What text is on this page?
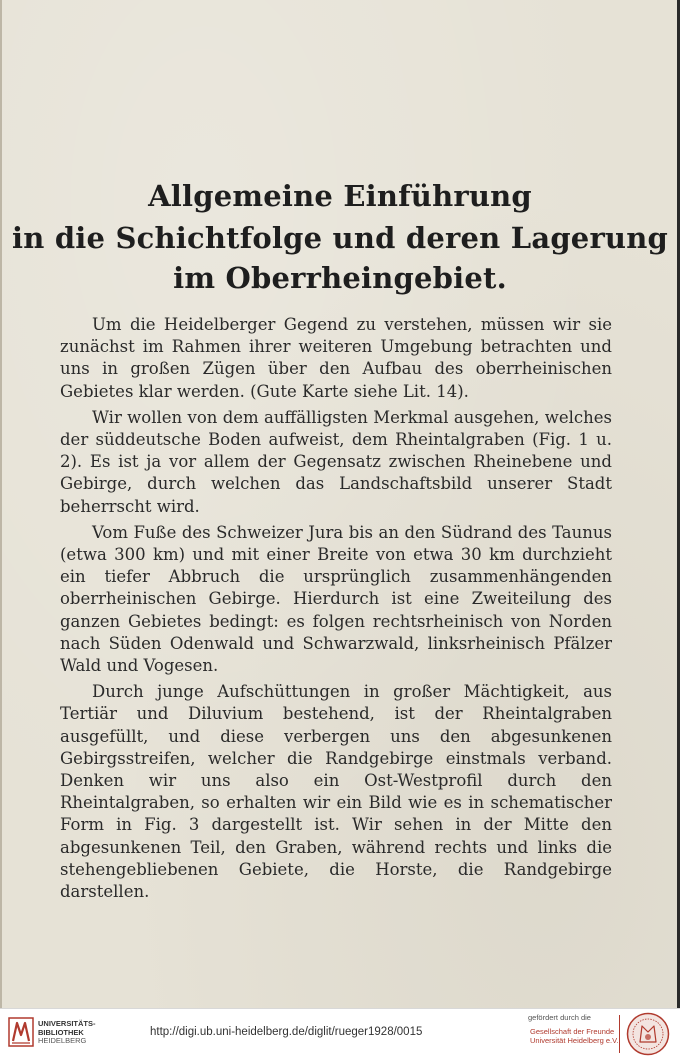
Allgemeine Einführung
in die Schichtfolge und deren Lagerung
im Oberrheingebiet.

Um die Heidelberger Gegend zu verstehen, müssen wir sie zunächst im Rahmen ihrer weiteren Umgebung betrachten und uns in großen Zügen über den Aufbau des oberrheinischen Gebietes klar werden. (Gute Karte siehe Lit. 14).

Wir wollen von dem auffälligsten Merkmal ausgehen, welches der süddeutsche Boden aufweist, dem Rheintalgraben (Fig. 1 u. 2). Es ist ja vor allem der Gegensatz zwischen Rheinebene und Gebirge, durch welchen das Landschaftsbild unserer Stadt beherrscht wird.

Vom Fuße des Schweizer Jura bis an den Südrand des Taunus (etwa 300 km) und mit einer Breite von etwa 30 km durchzieht ein tiefer Abbruch die ursprünglich zusammenhängenden oberrheinischen Gebirge. Hierdurch ist eine Zweiteilung des ganzen Gebietes bedingt: es folgen rechtsrheinisch von Norden nach Süden Odenwald und Schwarzwald, linksrheinisch Pfälzer Wald und Vogesen.

Durch junge Aufschüttungen in großer Mächtigkeit, aus Tertiär und Diluvium bestehend, ist der Rheintalgraben ausgefüllt, und diese verbergen uns den abgesunkenen Gebirgsstreifen, welcher die Randgebirge einstmals verband. Denken wir uns also ein Ost-Westprofil durch den Rheintalgraben, so erhalten wir ein Bild wie es in schematischer Form in Fig. 3 dargestellt ist. Wir sehen in der Mitte den abgesunkenen Teil, den Graben, während rechts und links die stehengebliebenen Gebiete, die Horste, die Randgebirge darstellen.

UNIVERSITÄTS-
BIBLIOTHEK
HEIDELBERG
http://digi.ub.uni-heidelberg.de/diglit/rueger1928/0015
gefördert durch die
Gesellschaft der Freunde
Universität Heidelberg e.V.
